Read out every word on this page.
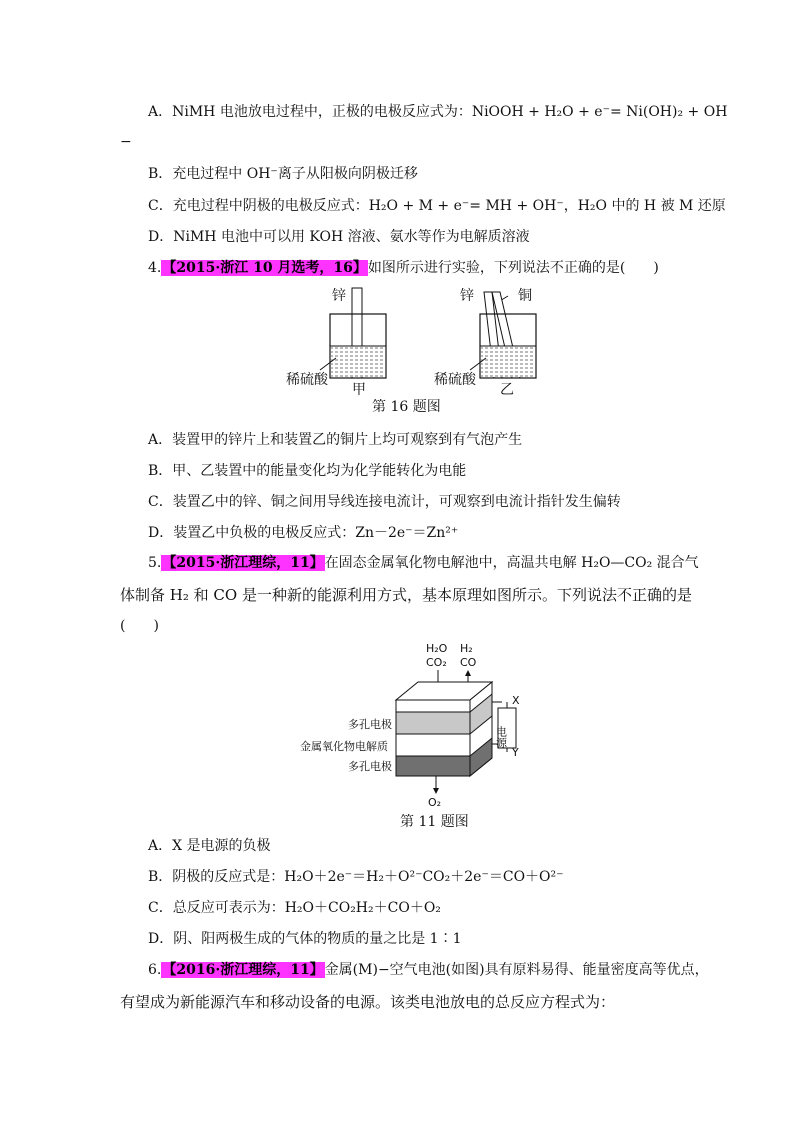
A．NiMH 电池放电过程中，正极的电极反应式为：NiOOH + H₂O + e⁻= Ni(OH)₂ + OH
−
B．充电过程中 OH⁻离子从阳极向阴极迁移
C．充电过程中阴极的电极反应式：H₂O + M + e⁻= MH + OH⁻，H₂O 中的 H 被 M 还原
D．NiMH 电池中可以用 KOH 溶液、氨水等作为电解质溶液
4.【2015·浙江 10 月选考，16】如图所示进行实验，下列说法不正确的是(　　)
锌
稀硫酸
甲
锌	铜
稀硫酸
乙
第 16 题图
A．装置甲的锌片上和装置乙的铜片上均可观察到有气泡产生
B．甲、乙装置中的能量变化均为化学能转化为电能
C．装置乙中的锌、铜之间用导线连接电流计，可观察到电流计指针发生偏转
D．装置乙中负极的电极反应式：Zn－2e⁻＝Zn²⁺
5.【2015·浙江理综，11】在固态金属氧化物电解池中，高温共电解 H₂O—CO₂ 混合气
体制备 H₂ 和 CO 是一种新的能源利用方式，基本原理如图所示。下列说法不正确的是
(　　)
H₂O
CO₂
H₂
CO
电源
X
Y
多孔电极
金属氧化物电解质
多孔电极
O₂
第 11 题图
A．X 是电源的负极
B．阴极的反应式是：H₂O＋2e⁻＝H₂＋O²⁻CO₂＋2e⁻＝CO＋O²⁻
C．总反应可表示为：H₂O＋CO₂H₂＋CO＋O₂
D．阴、阳两极生成的气体的物质的量之比是 1∶1
6.【2016·浙江理综，11】金属(M)−空气电池(如图)具有原料易得、能量密度高等优点，
有望成为新能源汽车和移动设备的电源。该类电池放电的总反应方程式为：
